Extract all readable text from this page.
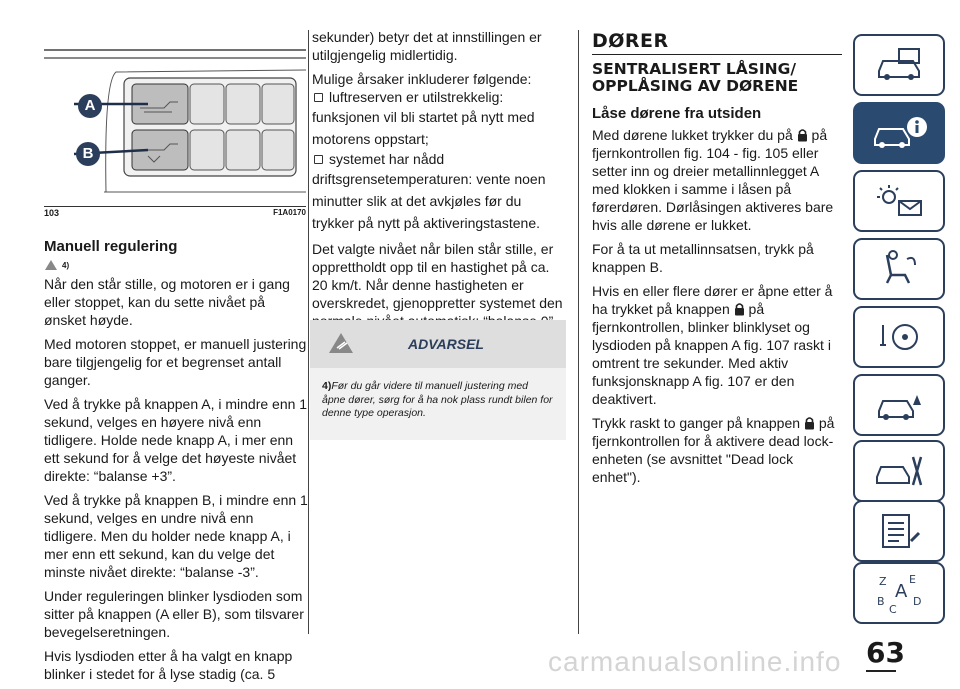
A
B
103	F1A0170
Manuell regulering
4)

Når den står stille, og motoren er i gang eller stoppet, kan du sette nivået på ønsket høyde.

Med motoren stoppet, er manuell justering bare tilgjengelig for et begrenset antall ganger.

Ved å trykke på knappen A, i mindre enn 1 sekund, velges en høyere nivå enn tidligere. Holde nede knapp A, i mer enn ett sekund for å velge det høyeste nivået direkte: “balanse +3”.

Ved å trykke på knappen B, i mindre enn 1 sekund, velges en undre nivå enn tidligere. Men du holder nede knapp A, i mer enn ett sekund, kan du velge det minste nivået direkte: “balanse -3”.

Under reguleringen blinker lysdioden som sitter på knappen (A eller B), som tilsvarer bevegelseretningen.

Hvis lysdioden etter å ha valgt en knapp blinker i stedet for å lyse stadig (ca. 5

sekunder) betyr det at innstillingen er utilgjengelig midlertidig.

Mulige årsaker inkluderer følgende:

luftreserven er utilstrekkelig:

funksjonen vil bli startet på nytt med motorens oppstart;

systemet har nådd

driftsgrensetemperaturen: vente noen minutter slik at det avkjøles før du trykker på nytt på aktiveringstastene.

Det valgte nivået når bilen står stille, er opprettholdt opp til en hastighet på ca. 20 km/t. Når denne hastigheten er overskredet, gjenoppretter systemet den

ADVARSEL
4)Før du går videre til manuell justering med åpne dører, sørg for å ha nok plass rundt bilen for denne type operasjon.
DØRER
SENTRALISERT LÅSING/
OPPLÅSING AV DØRENE
Låse dørene fra utsiden

Med dørene lukket trykker du på på fjernkontrollen fig. 104 - fig. 105 eller setter inn og dreier metallinnlegget A med klokken i samme i låsen på førerdøren. Dørlåsingen aktiveres bare hvis alle dørene er lukket.

For å ta ut metallinnsatsen, trykk på knappen B.

Hvis en eller flere dører er åpne etter å ha trykket på knappen på fjernkontrollen, blinker blinklyset og lysdioden på knappen A fig. 107 raskt i omtrent tre sekunder. Med aktiv funksjonsknapp A fig. 107 er den deaktivert.

Trykk raskt to ganger på knappen på fjernkontrollen for å aktivere dead lock-enheten (se avsnittet "Dead lock enhet").

Z E
B A D
C
63
carmanualsonline.info
